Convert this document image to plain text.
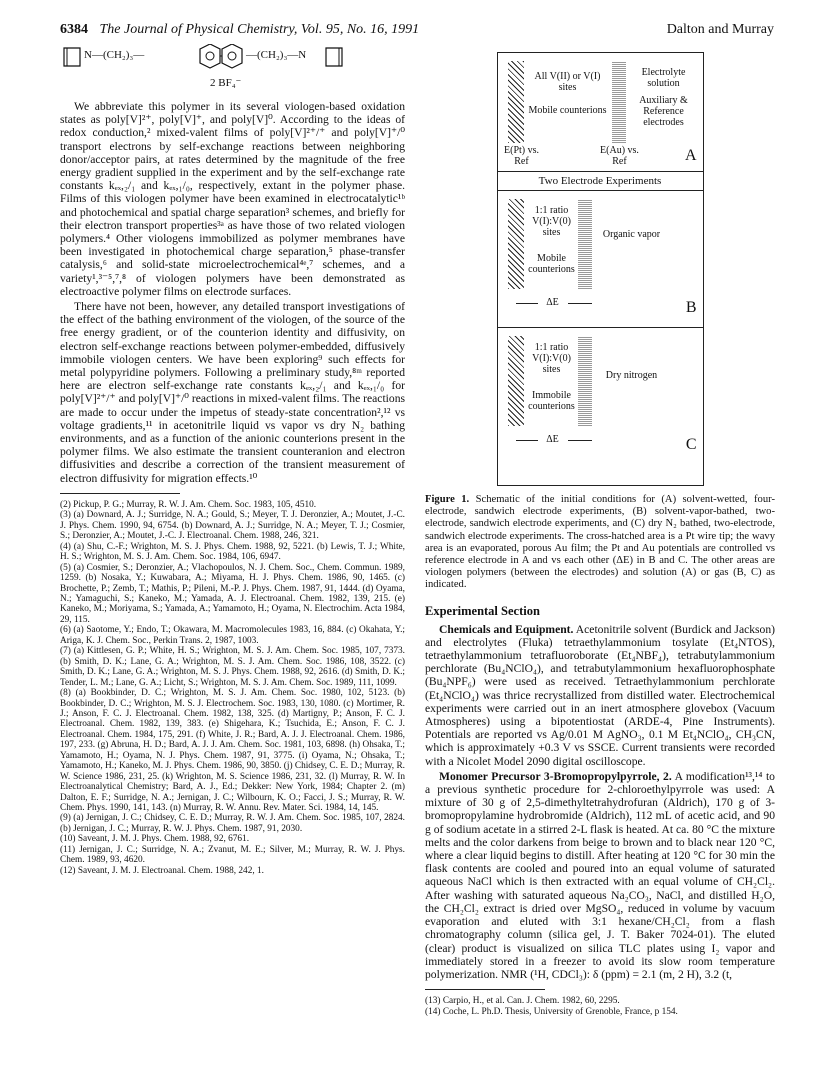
6384 The Journal of Physical Chemistry, Vol. 95, No. 16, 1991	Dalton and Murray
N—(CH₂)₃—	—(CH₂)₃—N
2 BF₄⁻

We abbreviate this polymer in its several viologen-based oxidation states as poly[V]²⁺, poly[V]⁺, and poly[V]⁰. According to the ideas of redox conduction,² mixed-valent films of poly[V]²⁺/⁺ and poly[V]⁺/⁰ transport electrons by self-exchange reactions between neighboring donor/acceptor pairs, at rates determined by the magnitude of the free energy gradient supplied in the experiment and by the self-exchange rate constants kₑₓ,₂/₁ and kₑₓ,₁/₀, respectively, extant in the polymer phase. Films of this viologen polymer have been examined in electrocatalytic¹ᵇ and photochemical and spatial charge separation³ schemes, and briefly for their electron transport properties³ᵃ as have those of two related viologen polymers.⁴ Other viologens immobilized as polymer membranes have been investigated in photochemical charge separation,⁵ phase-transfer catalysis,⁶ and solid-state microelectrochemical⁴ᵉ,⁷ schemes, and a variety¹,³⁻⁵,⁷,⁸ of viologen polymers have been demonstrated as electroactive polymer films on electrode surfaces.

There have not been, however, any detailed transport investigations of the effect of the bathing environment of the viologen, of the source of the free energy gradient, or of the counterion identity and diffusivity, on electron self-exchange reactions between polymer-embedded, diffusively immobile viologen centers. We have been exploring⁹ such effects for metal polypyridine polymers. Following a preliminary study,⁸ᵐ reported here are electron self-exchange rate constants kₑₓ,₂/₁ and kₑₓ,₁/₀ for poly[V]²⁺/⁺ and poly[V]⁺/⁰ reactions in mixed-valent films. The reactions are made to occur under the impetus of steady-state concentration²,¹² vs voltage gradients,¹¹ in acetonitrile liquid vs vapor vs dry N₂ bathing environments, and as a function of the anionic counterions present in the polymer films. We also estimate the transient counteranion and electron diffusivities and describe a correction of the transient measurement of electron diffusivity for migration effects.¹⁰

(2) Pickup, P. G.; Murray, R. W. J. Am. Chem. Soc. 1983, 105, 4510.
(3) (a) Downard, A. J.; Surridge, N. A.; Gould, S.; Meyer, T. J. Deronzier, A.; Moutet, J.-C. J. Phys. Chem. 1990, 94, 6754. (b) Downard, A. J.; Surridge, N. A.; Meyer, T. J.; Cosmier, S.; Deronzier, A.; Moutet, J.-C. J. Electroanal. Chem. 1988, 246, 321.
(4) (a) Shu, C.-F.; Wrighton, M. S. J. Phys. Chem. 1988, 92, 5221. (b) Lewis, T. J.; White, H. S.; Wrighton, M. S. J. Am. Chem. Soc. 1984, 106, 6947.
(5) (a) Cosmier, S.; Deronzier, A.; Vlachopoulos, N. J. Chem. Soc., Chem. Commun. 1989, 1259. (b) Nosaka, Y.; Kuwabara, A.; Miyama, H. J. Phys. Chem. 1986, 90, 1465. (c) Brochette, P.; Zemb, T.; Mathis, P.; Pileni, M.-P. J. Phys. Chem. 1987, 91, 1444. (d) Oyama, N.; Yamaguchi, S.; Kaneko, M.; Yamada, A. J. Electroanal. Chem. 1982, 139, 215. (e) Kaneko, M.; Moriyama, S.; Yamada, A.; Yamamoto, H.; Oyama, N. Electrochim. Acta 1984, 29, 115.
(6) (a) Saotome, Y.; Endo, T.; Okawara, M. Macromolecules 1983, 16, 884. (c) Okahata, Y.; Ariga, K. J. Chem. Soc., Perkin Trans. 2, 1987, 1003.
(7) (a) Kittlesen, G. P.; White, H. S.; Wrighton, M. S. J. Am. Chem. Soc. 1985, 107, 7373. (b) Smith, D. K.; Lane, G. A.; Wrighton, M. S. J. Am. Chem. Soc. 1986, 108, 3522. (c) Smith, D. K.; Lane, G. A.; Wrighton, M. S. J. Phys. Chem. 1988, 92, 2616. (d) Smith, D. K.; Tender, L. M.; Lane, G. A.; Licht, S.; Wrighton, M. S. J. Am. Chem. Soc. 1989, 111, 1099.
(8) (a) Bookbinder, D. C.; Wrighton, M. S. J. Am. Chem. Soc. 1980, 102, 5123. (b) Bookbinder, D. C.; Wrighton, M. S. J. Electrochem. Soc. 1983, 130, 1080. (c) Mortimer, R. J.; Anson, F. C. J. Electroanal. Chem. 1982, 138, 325. (d) Martigny, P.; Anson, F. C. J. Electroanal. Chem. 1982, 139, 383. (e) Shigehara, K.; Tsuchida, E.; Anson, F. C. J. Electroanal. Chem. 1984, 175, 291. (f) White, J. R.; Bard, A. J. J. Electroanal. Chem. 1986, 197, 233. (g) Abruna, H. D.; Bard, A. J. J. Am. Chem. Soc. 1981, 103, 6898. (h) Ohsaka, T.; Yamamoto, H.; Oyama, N. J. Phys. Chem. 1987, 91, 3775. (i) Oyama, N.; Ohsaka, T.; Yamamoto, H.; Kaneko, M. J. Phys. Chem. 1986, 90, 3850. (j) Chidsey, C. E. D.; Murray, R. W. Science 1986, 231, 25. (k) Wrighton, M. S. Science 1986, 231, 32. (l) Murray, R. W. In Electroanalytical Chemistry; Bard, A. J., Ed.; Dekker: New York, 1984; Chapter 2. (m) Dalton, E. F.; Surridge, N. A.; Jernigan, J. C.; Wilbourn, K. O.; Facci, J. S.; Murray, R. W. Chem. Phys. 1990, 141, 143. (n) Murray, R. W. Annu. Rev. Mater. Sci. 1984, 14, 145.
(9) (a) Jernigan, J. C.; Chidsey, C. E. D.; Murray, R. W. J. Am. Chem. Soc. 1985, 107, 2824. (b) Jernigan, J. C.; Murray, R. W. J. Phys. Chem. 1987, 91, 2030.
(10) Saveant, J. M. J. Phys. Chem. 1988, 92, 6761.
(11) Jernigan, J. C.; Surridge, N. A.; Zvanut, M. E.; Silver, M.; Murray, R. W. J. Phys. Chem. 1989, 93, 4620.
(12) Saveant, J. M. J. Electroanal. Chem. 1988, 242, 1.
All V(II) or V(I) sites
Mobile counterions
Electrolyte solution
Auxiliary & Reference electrodes
E(Pt) vs. Ref
E(Au) vs. Ref	A
Two Electrode Experiments
1:1 ratio V(I):V(0) sites
Mobile counterions
Organic vapor
ΔE	B
1:1 ratio V(I):V(0) sites
Immobile counterions
Dry nitrogen
ΔE	C

Figure 1. Schematic of the initial conditions for (A) solvent-wetted, four-electrode, sandwich electrode experiments, (B) solvent-vapor-bathed, two-electrode, sandwich electrode experiments, and (C) dry N₂ bathed, two-electrode, sandwich electrode experiments. The cross-hatched area is a Pt wire tip; the wavy area is an evaporated, porous Au film; the Pt and Au potentials are controlled vs reference electrode in A and vs each other (ΔE) in B and C. The other areas are viologen polymers (between the electrodes) and solution (A) or gas (B, C) as indicated.

Experimental Section

Chemicals and Equipment. Acetonitrile solvent (Burdick and Jackson) and electrolytes (Fluka) tetraethylammonium tosylate (Et₄NTOS), tetraethylammonium tetrafluoroborate (Et₄NBF₄), tetrabutylammonium perchlorate (Bu₄NClO₄), and tetrabutylammonium hexafluorophosphate (Bu₄NPF₆) were used as received. Tetraethylammonium perchlorate (Et₄NClO₄) was thrice recrystallized from distilled water. Electrochemical experiments were carried out in an inert atmosphere glovebox (Vacuum Atmospheres) using a bipotentiostat (ARDE-4, Pine Instruments). Potentials are reported vs Ag/0.01 M AgNO₃, 0.1 M Et₄NClO₄, CH₃CN, which is approximately +0.3 V vs SSCE. Current transients were recorded with a Nicolet Model 2090 digital oscilloscope.

Monomer Precursor 3-Bromopropylpyrrole, 2. A modification¹³,¹⁴ to a previous synthetic procedure for 2-chloroethylpyrrole was used: A mixture of 30 g of 2,5-dimethyltetrahydrofuran (Aldrich), 170 g of 3-bromopropylamine hydrobromide (Aldrich), 112 mL of acetic acid, and 90 g of sodium acetate in a stirred 2-L flask is heated. At ca. 80 °C the mixture melts and the color darkens from beige to brown and to black near 120 °C, where a clear liquid begins to distill. After heating at 120 °C for 30 min the flask contents are cooled and poured into an equal volume of saturated aqueous NaCl which is then extracted with an equal volume of CH₂Cl₂. After washing with saturated aqueous Na₂CO₃, NaCl, and distilled H₂O, the CH₂Cl₂ extract is dried over MgSO₄, reduced in volume by vacuum evaporation and eluted with 3:1 hexane/CH₂Cl₂ from a flash chromatography column (silica gel, J. T. Baker 7024-01). The eluted (clear) product is visualized on silica TLC plates using I₂ vapor and immediately stored in a freezer to avoid its slow room temperature polymerization. NMR (¹H, CDCl₃): δ (ppm) = 2.1 (m, 2 H), 3.2 (t,

(13) Carpio, H., et al. Can. J. Chem. 1982, 60, 2295.
(14) Coche, L. Ph.D. Thesis, University of Grenoble, France, p 154.
